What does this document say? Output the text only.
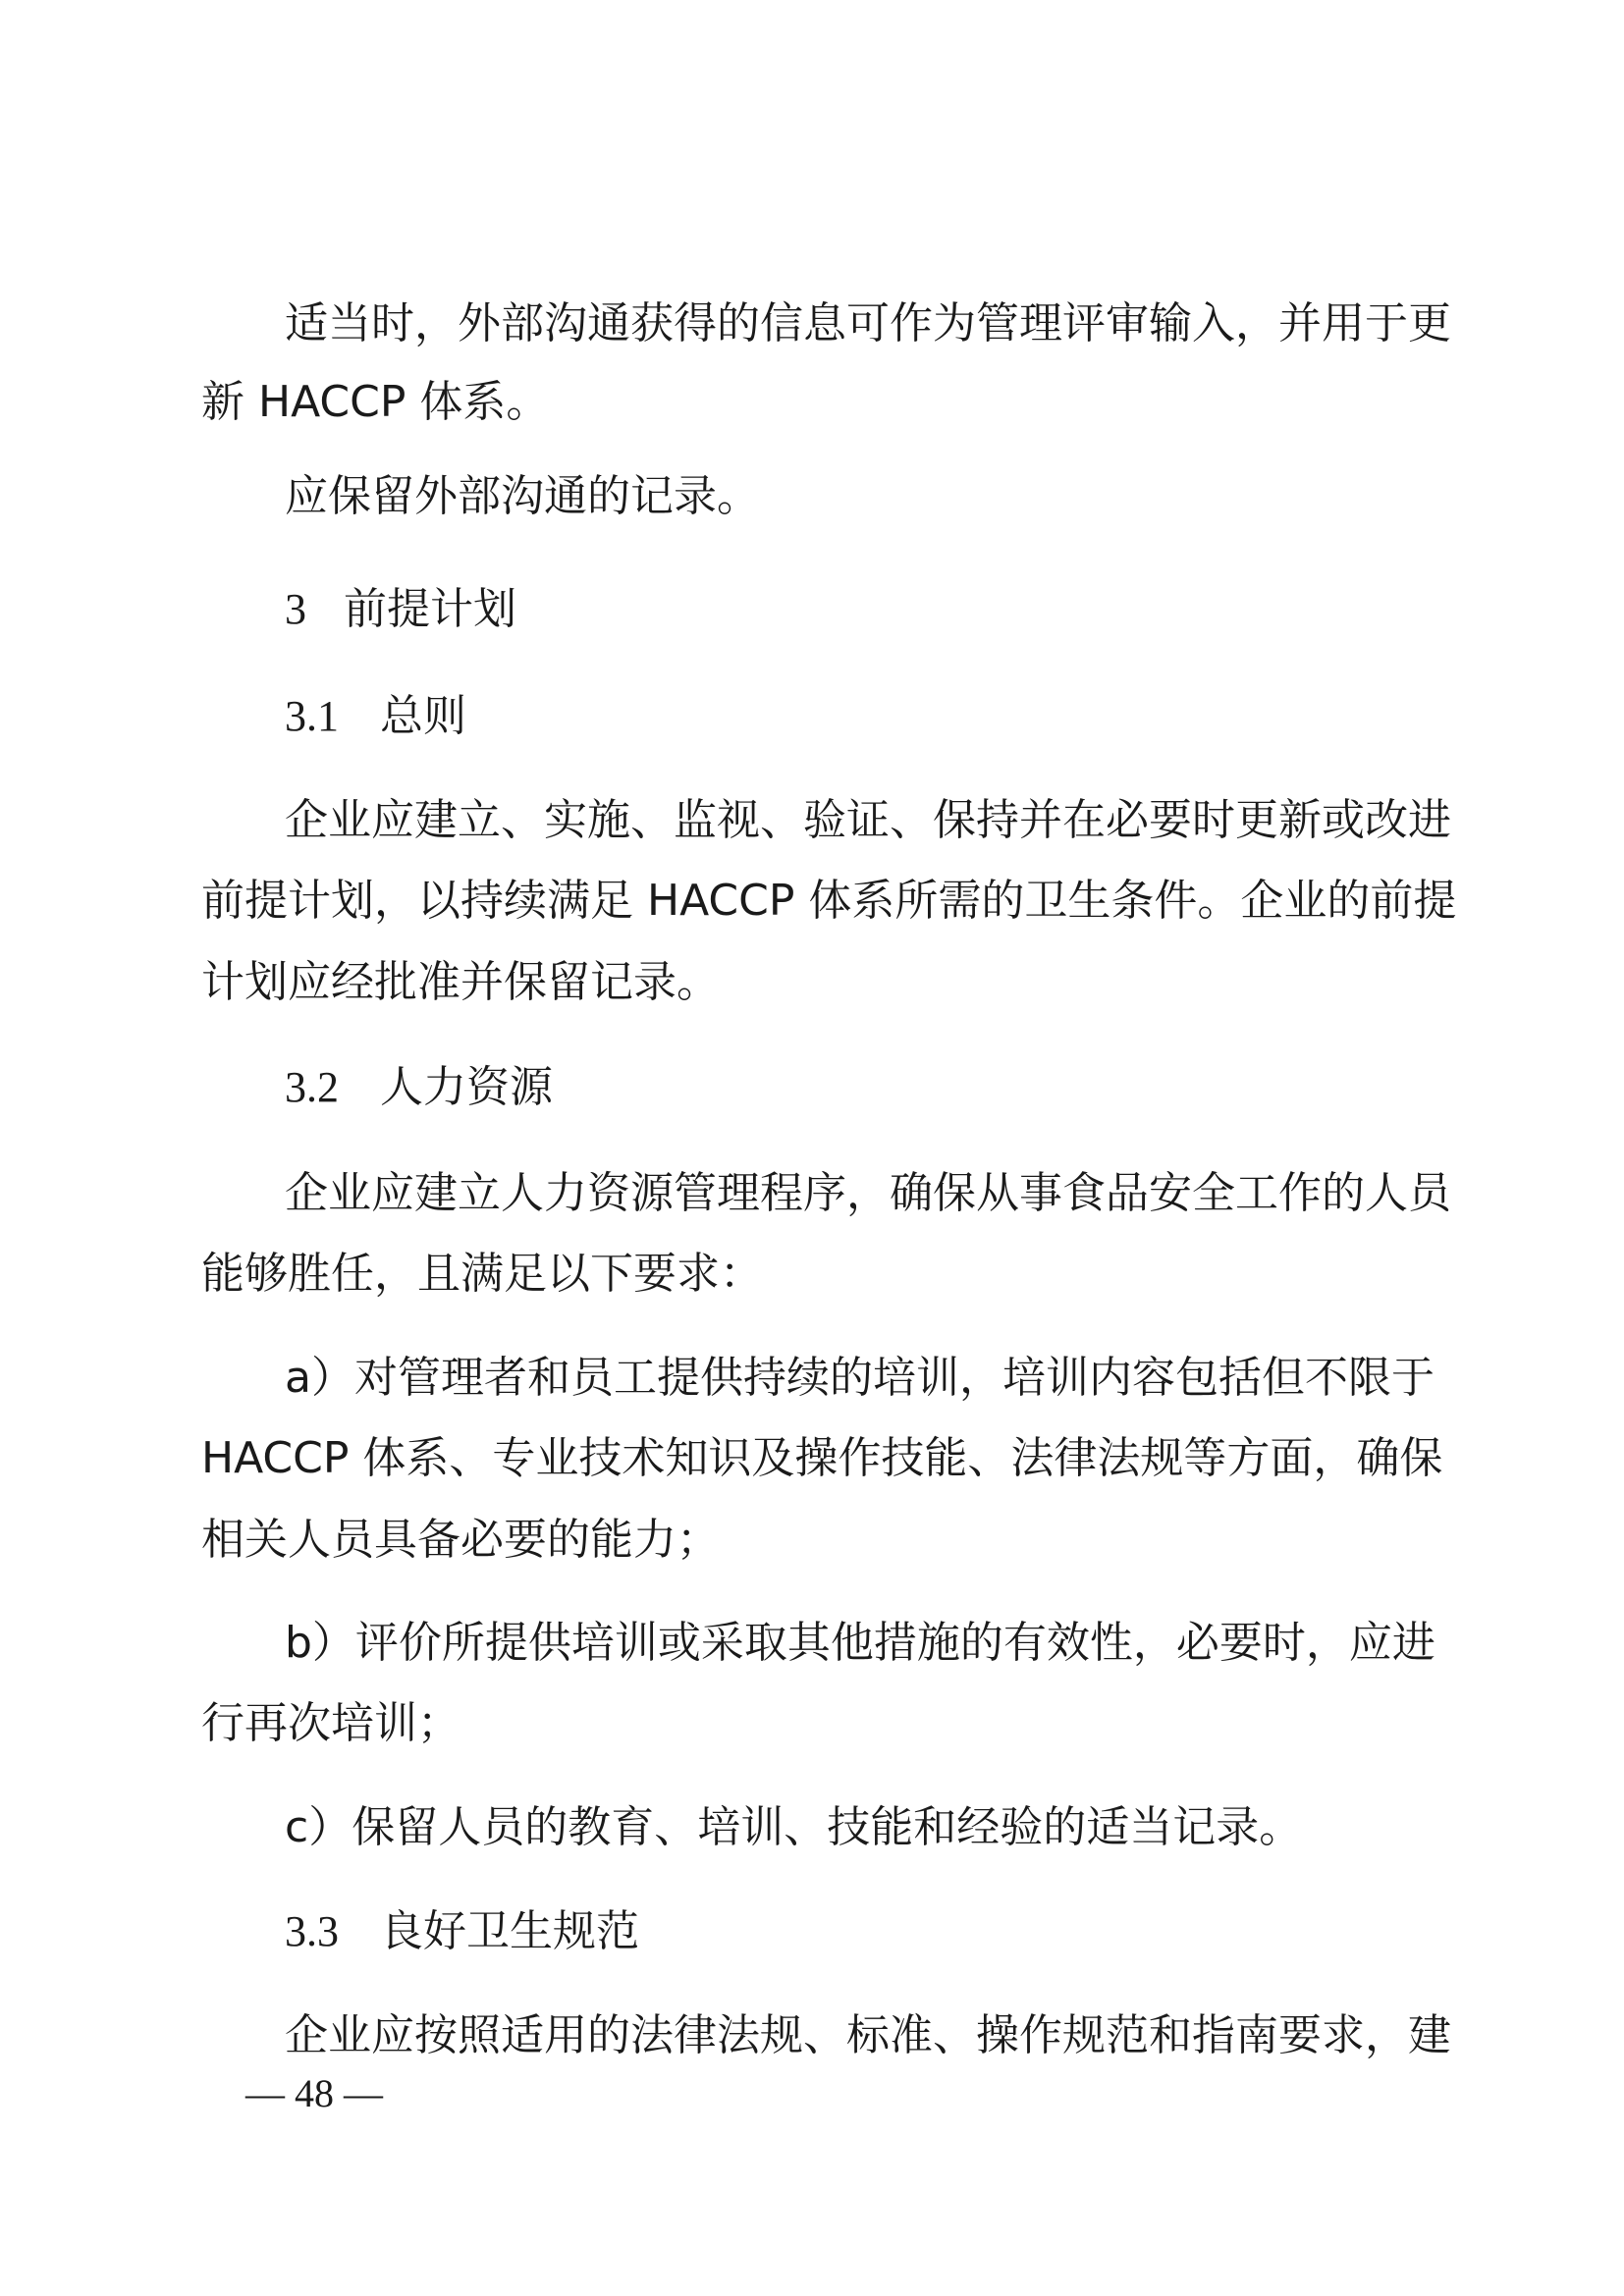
适当时，外部沟通获得的信息可作为管理评审输入，并用于更
新 HACCP 体系。
应保留外部沟通的记录。
3 前提计划
3.1 总则
企业应建立、实施、监视、验证、保持并在必要时更新或改进
前提计划，以持续满足 HACCP 体系所需的卫生条件。企业的前提
计划应经批准并保留记录。
3.2 人力资源
企业应建立人力资源管理程序，确保从事食品安全工作的人员
能够胜任，且满足以下要求：
a）对管理者和员工提供持续的培训，培训内容包括但不限于
HACCP 体系、专业技术知识及操作技能、法律法规等方面，确保
相关人员具备必要的能力；
b）评价所提供培训或采取其他措施的有效性，必要时，应进
行再次培训；
c）保留人员的教育、培训、技能和经验的适当记录。
3.3 良好卫生规范
企业应按照适用的法律法规、标准、操作规范和指南要求，建
— 48 —
